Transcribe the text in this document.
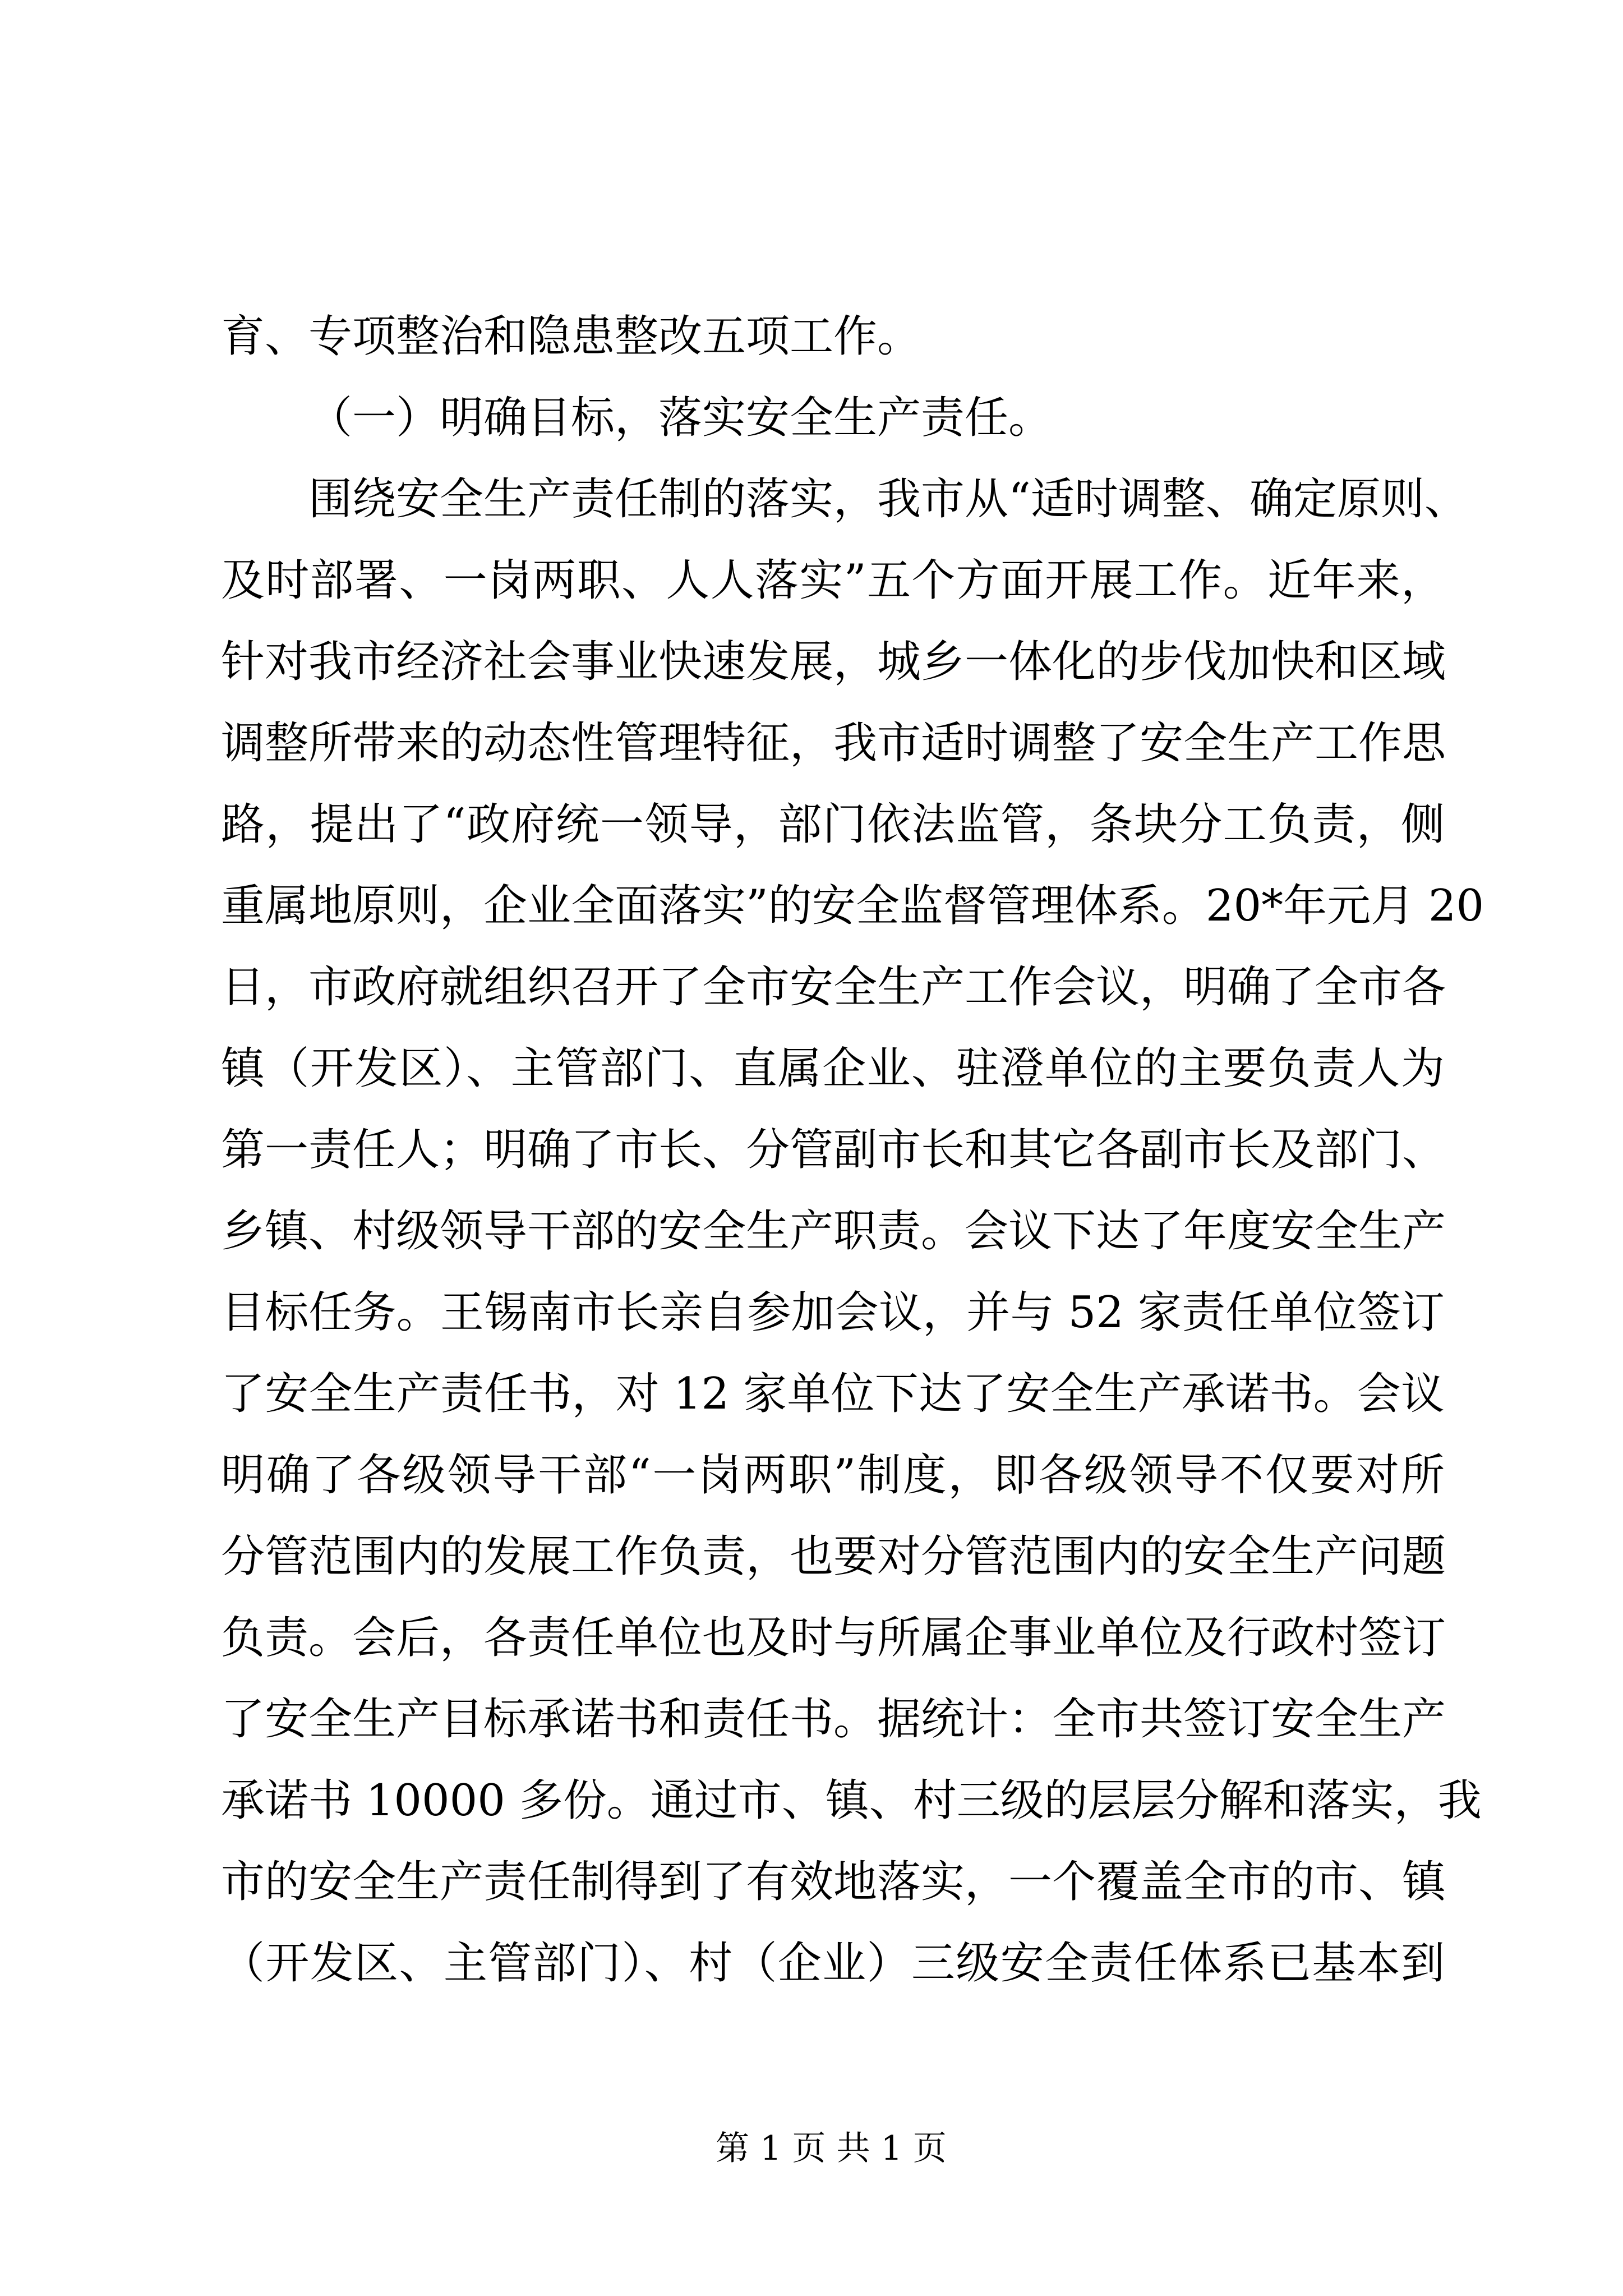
育、专项整治和隐患整改五项工作。
（一）明确目标，落实安全生产责任。
围绕安全生产责任制的落实，我市从“适时调整、确定原则、
及时部署、一岗两职、人人落实”五个方面开展工作。近年来，
针对我市经济社会事业快速发展，城乡一体化的步伐加快和区域
调整所带来的动态性管理特征，我市适时调整了安全生产工作思
路，提出了“政府统一领导，部门依法监管，条块分工负责，侧
重属地原则，企业全面落实”的安全监督管理体系。20*年元月 20
日，市政府就组织召开了全市安全生产工作会议，明确了全市各
镇（开发区）、主管部门、直属企业、驻澄单位的主要负责人为
第一责任人；明确了市长、分管副市长和其它各副市长及部门、
乡镇、村级领导干部的安全生产职责。会议下达了年度安全生产
目标任务。王锡南市长亲自参加会议，并与 52 家责任单位签订
了安全生产责任书，对 12 家单位下达了安全生产承诺书。会议
明确了各级领导干部“一岗两职”制度，即各级领导不仅要对所
分管范围内的发展工作负责，也要对分管范围内的安全生产问题
负责。会后，各责任单位也及时与所属企事业单位及行政村签订
了安全生产目标承诺书和责任书。据统计：全市共签订安全生产
承诺书 10000 多份。通过市、镇、村三级的层层分解和落实，我
市的安全生产责任制得到了有效地落实，一个覆盖全市的市、镇
（开发区、主管部门）、村（企业）三级安全责任体系已基本到
第 1 页 共 1 页
